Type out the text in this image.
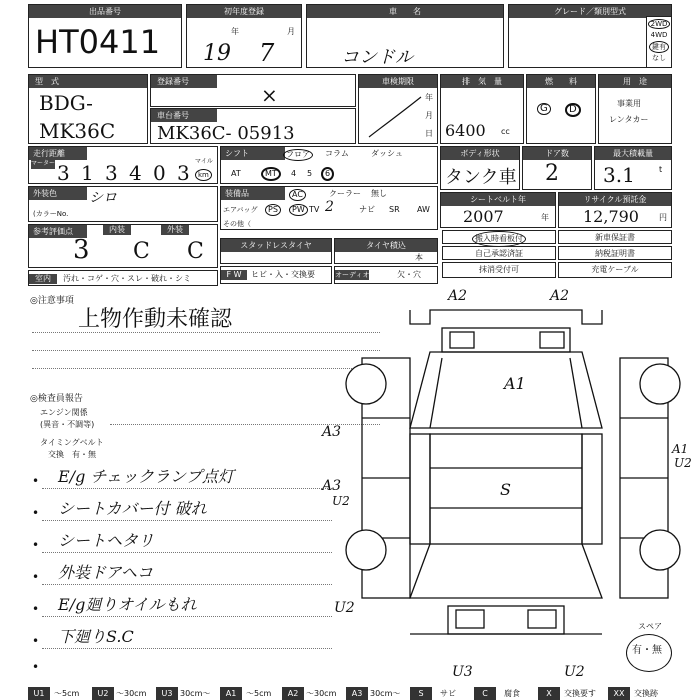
出品番号
HT0411
初年度登録
年	月
19 7
車　　名
コンドル
グレード／類別型式
2WD
4WD
鍵有
なし
型　式
BDG-
MK36C
登録番号
×
車台番号
MK36C- 05913
車検期限
年
月
日
排　気　量
6400 cc
燃　　料
G	D
用　途
事業用
レンタカー
走行距離
マーター 3 1 3 4 0 3 マイル
km
シフト	フロア	コラム	ダッシュ
AT	MT	4 5	6
ボディ形状
タンク車
ドア数
2
最大積載量
3.1	t
外装色	シロ
(カラーNo.
装備品	AC	クーラー 無し
エアバッグ	PS	PW TV 2	ナビ SR AW
その他（
シートベルト年
2007	年
リサイクル預託金
12,790	円
参考評価点	内装	外装
3 C C	スタッドレスタイヤ	タイヤ積込
本
搬入時看板付	新車保証書
自己承認済証	納税証明書
抹消受付可	充電ケーブル
F W	ヒビ・入・交換要	オーディオ	欠・穴
室内	汚れ・コゲ・穴・スレ・破れ・シミ
◎注意事項
上物作動未確認
◎検査員報告
エンジン関係
(異音・不調等)
タイミングベルト
交換　有・無
• E/g チェックランプ点灯
• シートカバー付 破れ
• シートヘタリ
• 外装ドアヘコ
• E/g廻りオイルもれ
• 下廻りS.C
•
A2	A2
A1
A3
A3
U2
A1
U2
S
U2
U3	U2
スペア
有・無
U1	～5cm	U2 ～30cm	U3 30cm～	A1	～5cm	A2 ～30cm	A3 30cm～	S	サビ	C	腐食	X	交換要す	XX	交換跡
